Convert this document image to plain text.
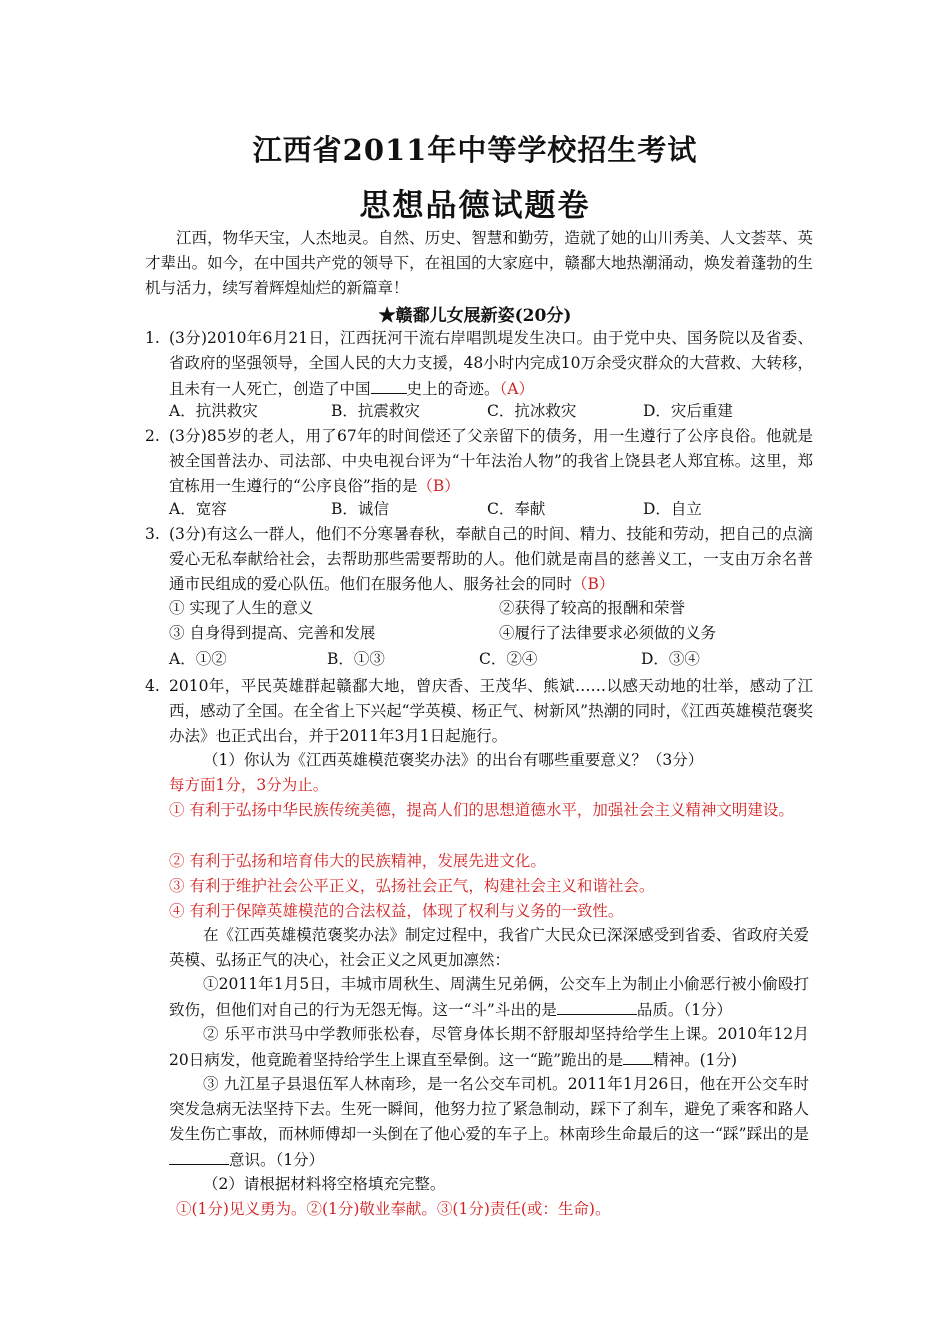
江西省2011年中等学校招生考试
思想品德试题卷
江西，物华天宝，人杰地灵。自然、历史、智慧和勤劳，造就了她的山川秀美、人文荟萃、英才辈出。如今，在中国共产党的领导下，在祖国的大家庭中，赣鄱大地热潮涌动，焕发着蓬勃的生机与活力，续写着辉煌灿烂的新篇章！
★赣鄱儿女展新姿(20分)
1. (3分)2010年6月21日，江西抚河干流右岸唱凯堤发生决口。由于党中央、国务院以及省委、省政府的坚强领导，全国人民的大力支援，48小时内完成10万余受灾群众的大营救、大转移，且未有一人死亡，创造了中国 史上的奇迹。（A）
A．抗洪救灾	B．抗震救灾	C．抗冰救灾	D．灾后重建
2. (3分)85岁的老人，用了67年的时间偿还了父亲留下的债务，用一生遵行了公序良俗。他就是被全国普法办、司法部、中央电视台评为“十年法治人物”的我省上饶县老人郑宜栋。这里，郑宜栋用一生遵行的“公序良俗”指的是（B）
A．宽容	B．诚信	C．奉献	D．自立
3. (3分)有这么一群人，他们不分寒暑春秋，奉献自己的时间、精力、技能和劳动，把自己的点滴爱心无私奉献给社会，去帮助那些需要帮助的人。他们就是南昌的慈善义工，一支由万余名普通市民组成的爱心队伍。他们在服务他人、服务社会的同时（B）
① 实现了人生的意义	②获得了较高的报酬和荣誉
③ 自身得到提高、完善和发展	④履行了法律要求必须做的义务
A．①②	B．①③	C．②④	D．③④
4. 2010年，平民英雄群起赣鄱大地，曾庆香、王茂华、熊斌……以感天动地的壮举，感动了江西，感动了全国。在全省上下兴起“学英模、杨正气、树新风”热潮的同时，《江西英雄模范褒奖办法》也正式出台，并于2011年3月1日起施行。
（1）你认为《江西英雄模范褒奖办法》的出台有哪些重要意义？（3分）
每方面1分，3分为止。
① 有利于弘扬中华民族传统美德，提高人们的思想道德水平，加强社会主义精神文明建设。
② 有利于弘扬和培育伟大的民族精神，发展先进文化。
③ 有利于维护社会公平正义，弘扬社会正气，构建社会主义和谐社会。
④ 有利于保障英雄模范的合法权益，体现了权利与义务的一致性。
在《江西英雄模范褒奖办法》制定过程中，我省广大民众已深深感受到省委、省政府关爱英模、弘扬正气的决心，社会正义之风更加凛然：
①2011年1月5日，丰城市周秋生、周满生兄弟俩，公交车上为制止小偷恶行被小偷殴打致伤，但他们对自己的行为无怨无悔。这一“斗”斗出的是	品质。（1分）
② 乐平市洪马中学教师张松春，尽管身体长期不舒服却坚持给学生上课。2010年12月20日病发，他竟跪着坚持给学生上课直至晕倒。这一“跪”跪出的是 精神。(1分)
③ 九江星子县退伍军人林南珍，是一名公交车司机。2011年1月26日，他在开公交车时突发急病无法坚持下去。生死一瞬间，他努力拉了紧急制动，踩下了刹车，避免了乘客和路人发生伤亡事故，而林师傅却一头倒在了他心爱的车子上。林南珍生命最后的这一“踩”踩出的是意识。（1分）
（2）请根据材料将空格填充完整。
①(1分)见义勇为。②(1分)敬业奉献。③(1分)责任(或：生命)。
